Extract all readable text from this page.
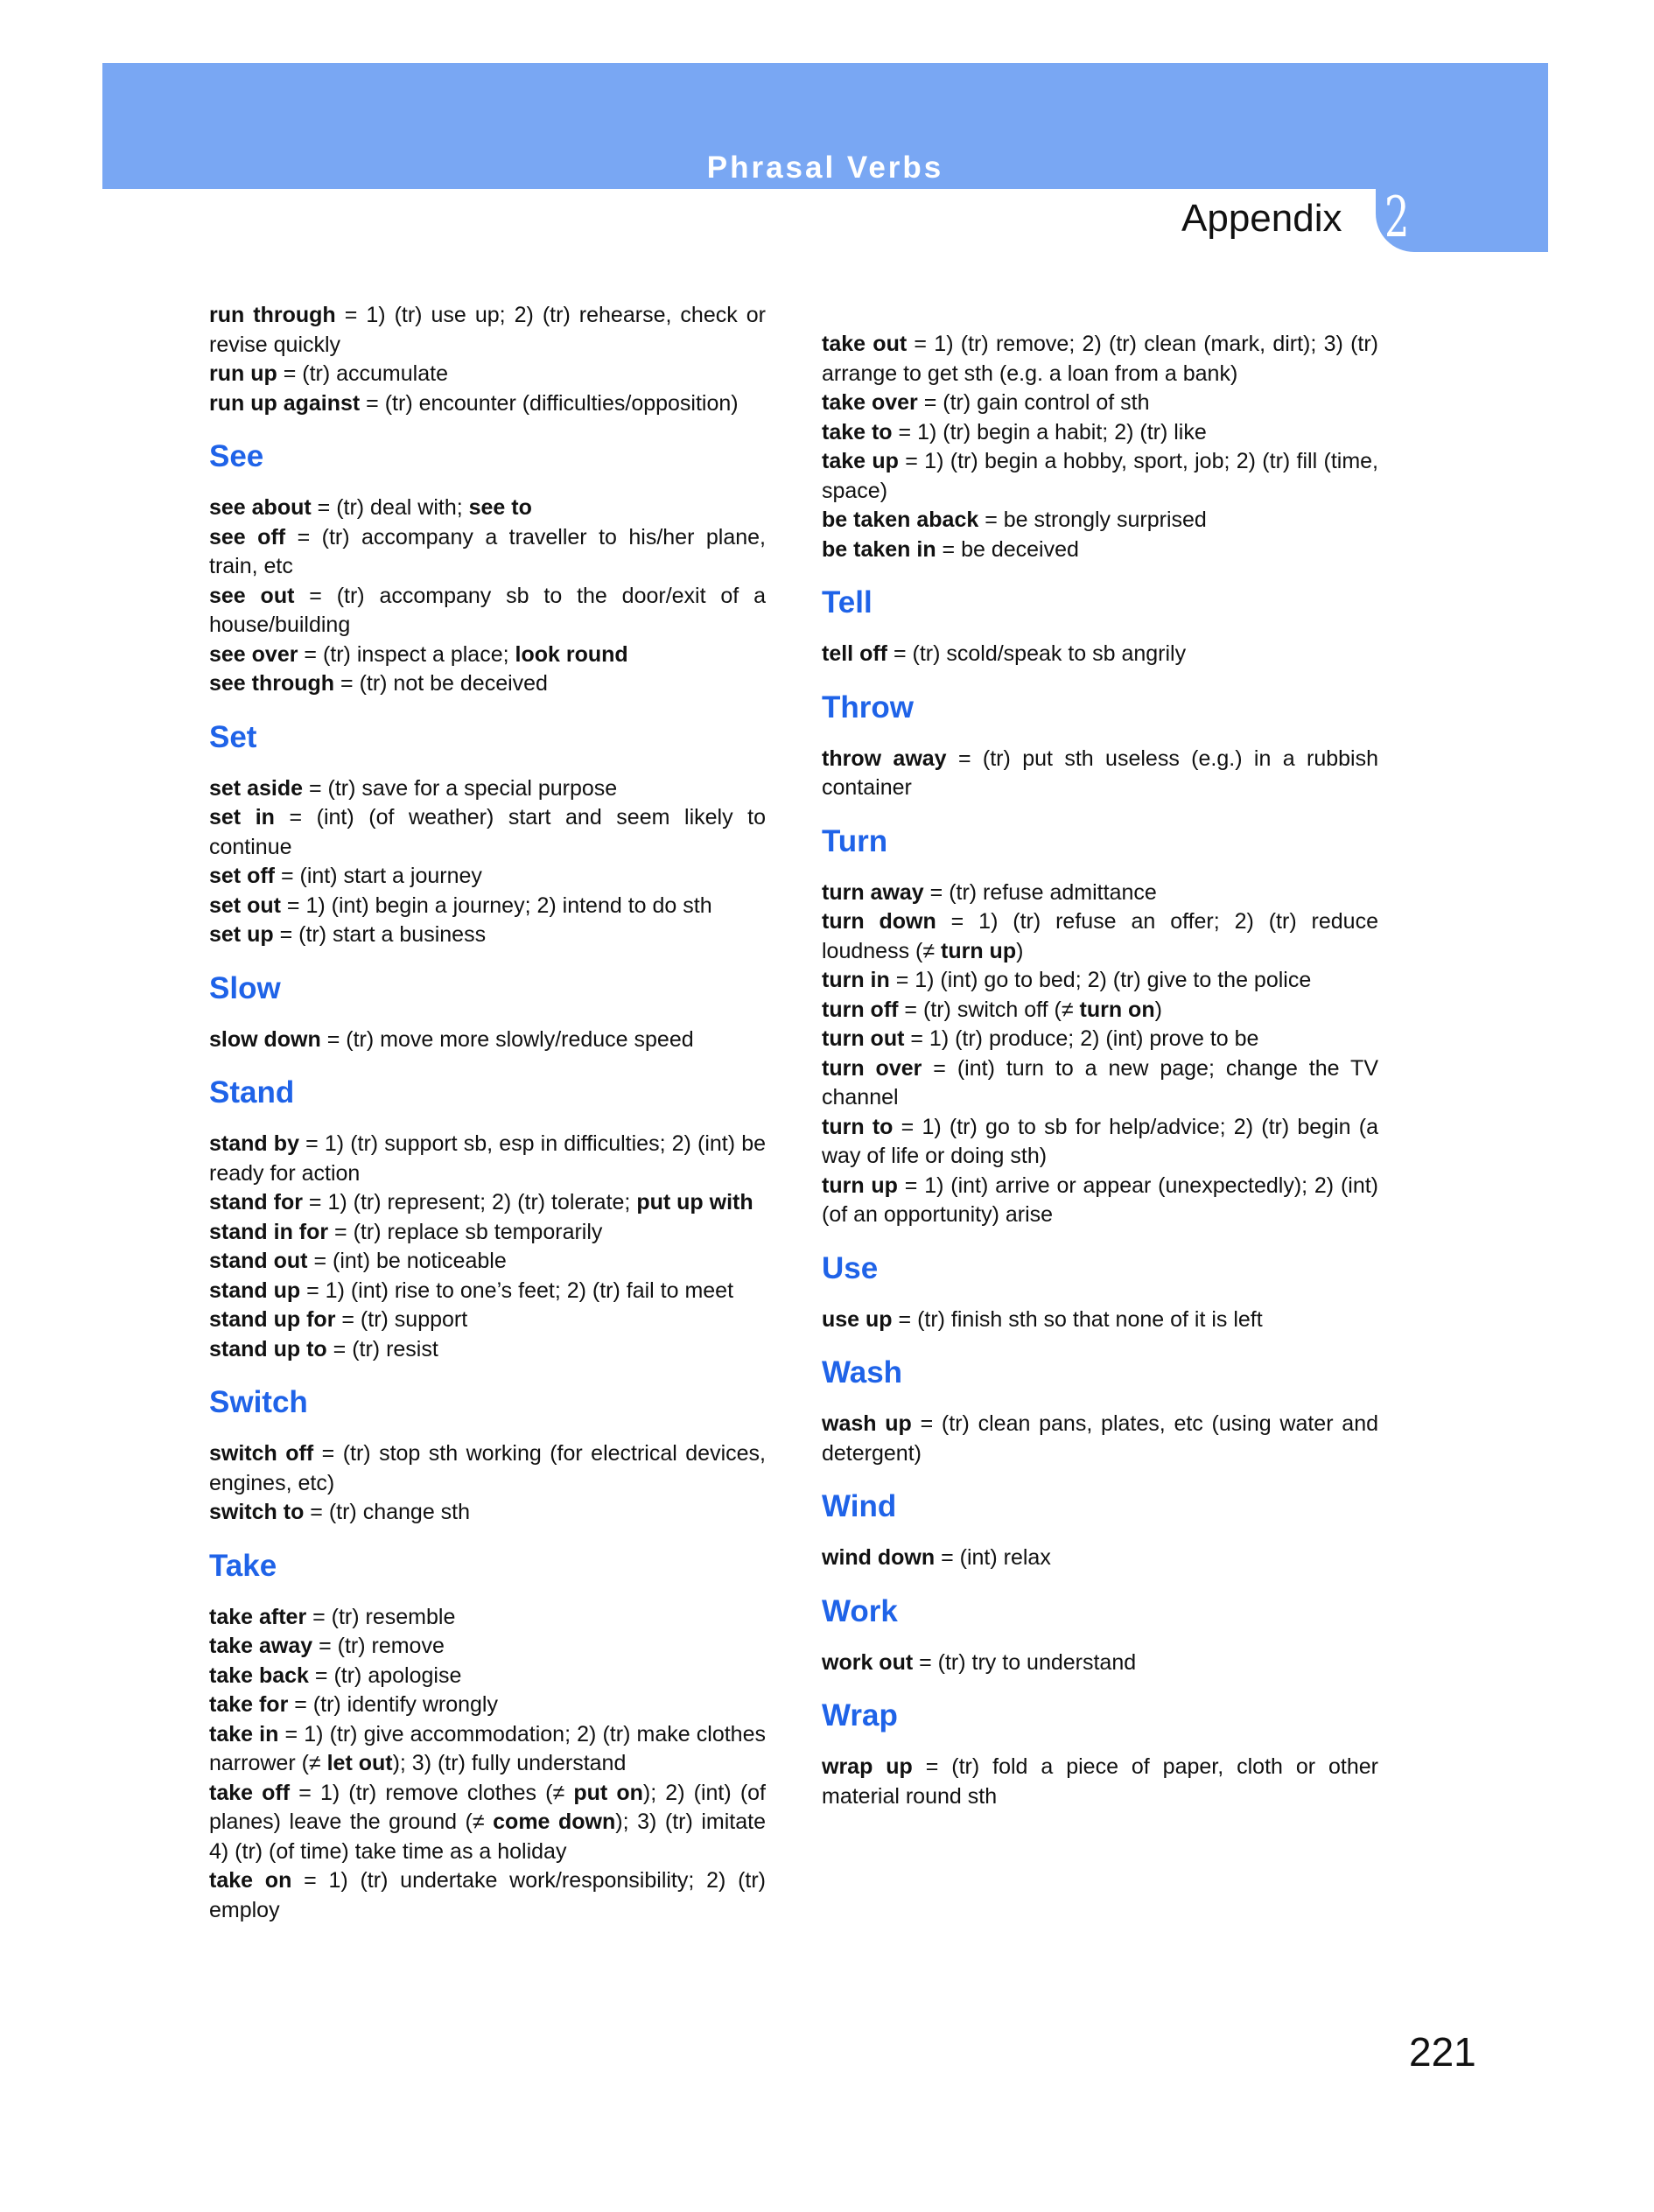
Phrasal Verbs
Appendix 2

run through = 1) (tr) use up; 2) (tr) rehearse, check or revise quickly

run up = (tr) accumulate

run up against = (tr) encounter (difficulties/opposition)

See

see about = (tr) deal with; see to

see off = (tr) accompany a traveller to his/her plane, train, etc

see out = (tr) accompany sb to the door/exit of a house/building

see over = (tr) inspect a place; look round

see through = (tr) not be deceived

Set

set aside = (tr) save for a special purpose

set in = (int) (of weather) start and seem likely to continue

set off = (int) start a journey

set out = 1) (int) begin a journey; 2) intend to do sth

set up = (tr) start a business

Slow

slow down = (tr) move more slowly/reduce speed

Stand

stand by = 1) (tr) support sb, esp in difficulties; 2) (int) be ready for action

stand for = 1) (tr) represent; 2) (tr) tolerate; put up with

stand in for = (tr) replace sb temporarily

stand out = (int) be noticeable

stand up = 1) (int) rise to one’s feet; 2) (tr) fail to meet

stand up for = (tr) support

stand up to = (tr) resist

Switch

switch off = (tr) stop sth working (for electrical devices, engines, etc)

switch to = (tr) change sth

Take

take after = (tr) resemble

take away = (tr) remove

take back = (tr) apologise

take for = (tr) identify wrongly

take in = 1) (tr) give accommodation; 2) (tr) make clothes narrower (≠ let out); 3) (tr) fully understand

take off = 1) (tr) remove clothes (≠ put on); 2) (int) (of planes) leave the ground (≠ come down); 3) (tr) imitate 4) (tr) (of time) take time as a holiday

take on = 1) (tr) undertake work/responsibility; 2) (tr) employ

take out = 1) (tr) remove; 2) (tr) clean (mark, dirt); 3) (tr) arrange to get sth (e.g. a loan from a bank)

take over = (tr) gain control of sth

take to = 1) (tr) begin a habit; 2) (tr) like

take up = 1) (tr) begin a hobby, sport, job; 2) (tr) fill (time, space)

be taken aback = be strongly surprised

be taken in = be deceived

Tell

tell off = (tr) scold/speak to sb angrily

Throw

throw away = (tr) put sth useless (e.g.) in a rubbish container

Turn

turn away = (tr) refuse admittance

turn down = 1) (tr) refuse an offer; 2) (tr) reduce loudness (≠ turn up)

turn in = 1) (int) go to bed; 2) (tr) give to the police

turn off = (tr) switch off (≠ turn on)

turn out = 1) (tr) produce; 2) (int) prove to be

turn over = (int) turn to a new page; change the TV channel

turn to = 1) (tr) go to sb for help/advice; 2) (tr) begin (a way of life or doing sth)

turn up = 1) (int) arrive or appear (unexpectedly); 2) (int) (of an opportunity) arise

Use

use up = (tr) finish sth so that none of it is left

Wash

wash up = (tr) clean pans, plates, etc (using water and detergent)

Wind

wind down = (int) relax

Work

work out = (tr) try to understand

Wrap

wrap up = (tr) fold a piece of paper, cloth or other material round sth

221
